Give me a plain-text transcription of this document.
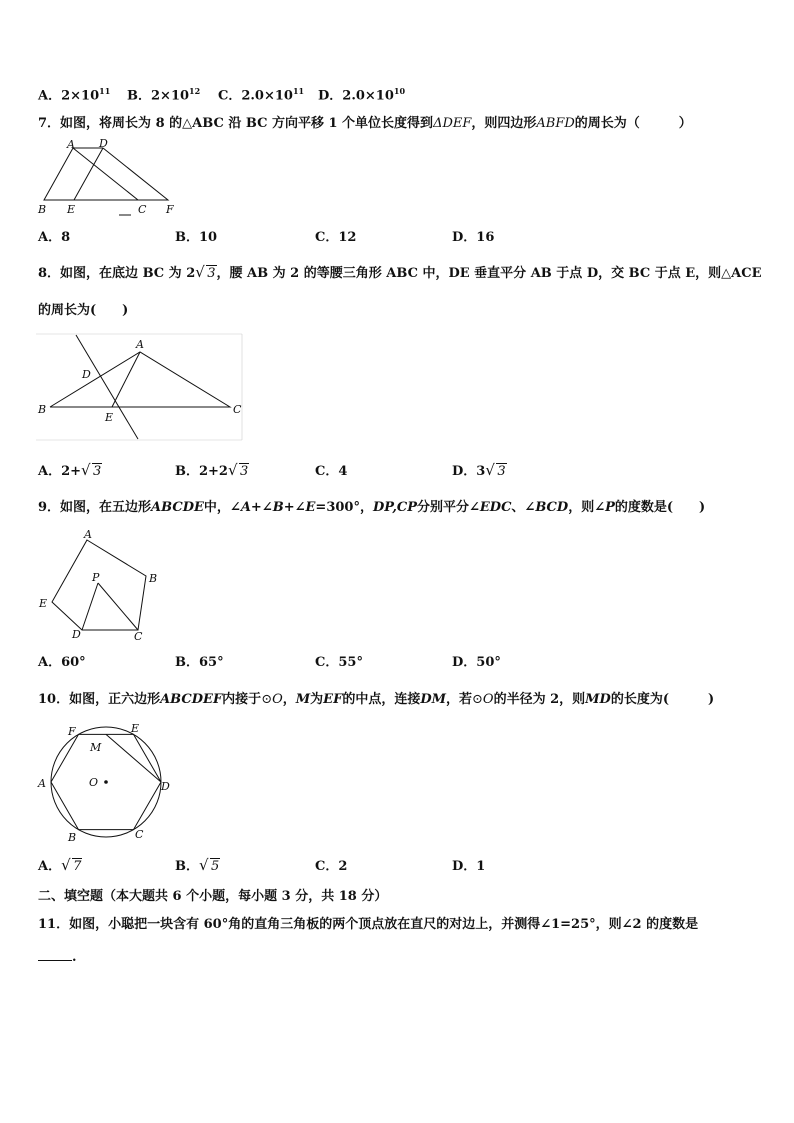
A．$2\times 10^{11}$ B．$2\times 10^{12}$ C．$2.0\times 10^{11}$ D．$2.0\times 10^{10}$
7．如图，将周长为 8 的△ABC 沿 BC 方向平移 1 个单位长度得到ΔDEF，则四边形ABFD的周长为（　　　）
A D
B E	C F
A．8	B．10	C．12	D．16
8．如图，在底边 BC 为 2 √ 3，腰 AB 为 2 的等腰三角形 ABC 中，DE 垂直平分 AB 于点 D，交 BC 于点 E，则△ACE
的周长为(　　)
A
D
B
E
C
A．2+ √ 3	B．2+2 √ 3	C．4	D．3 √ 3
9．如图，在五边形ABCDE中，∠A+∠B+∠E=300°，DP,CP分别平分∠EDC、∠BCD，则∠P的度数是(　　)
A
B
C
D
E
P
A．60°	B．65°	C．55°	D．50°
10．如图，正六边形ABCDEF内接于⊙O，M为EF的中点，连接DM，若⊙O的半径为 2，则MD的长度为(　　　)
F	E
M
A	O	D
B	C
A． √ 7	B． √ 5	C．2	D．1
二、填空题（本大题共 6 个小题，每小题 3 分，共 18 分）
11．如图，小聪把一块含有 60°角的直角三角板的两个顶点放在直尺的对边上，并测得∠1=25°，则∠2 的度数是
.
